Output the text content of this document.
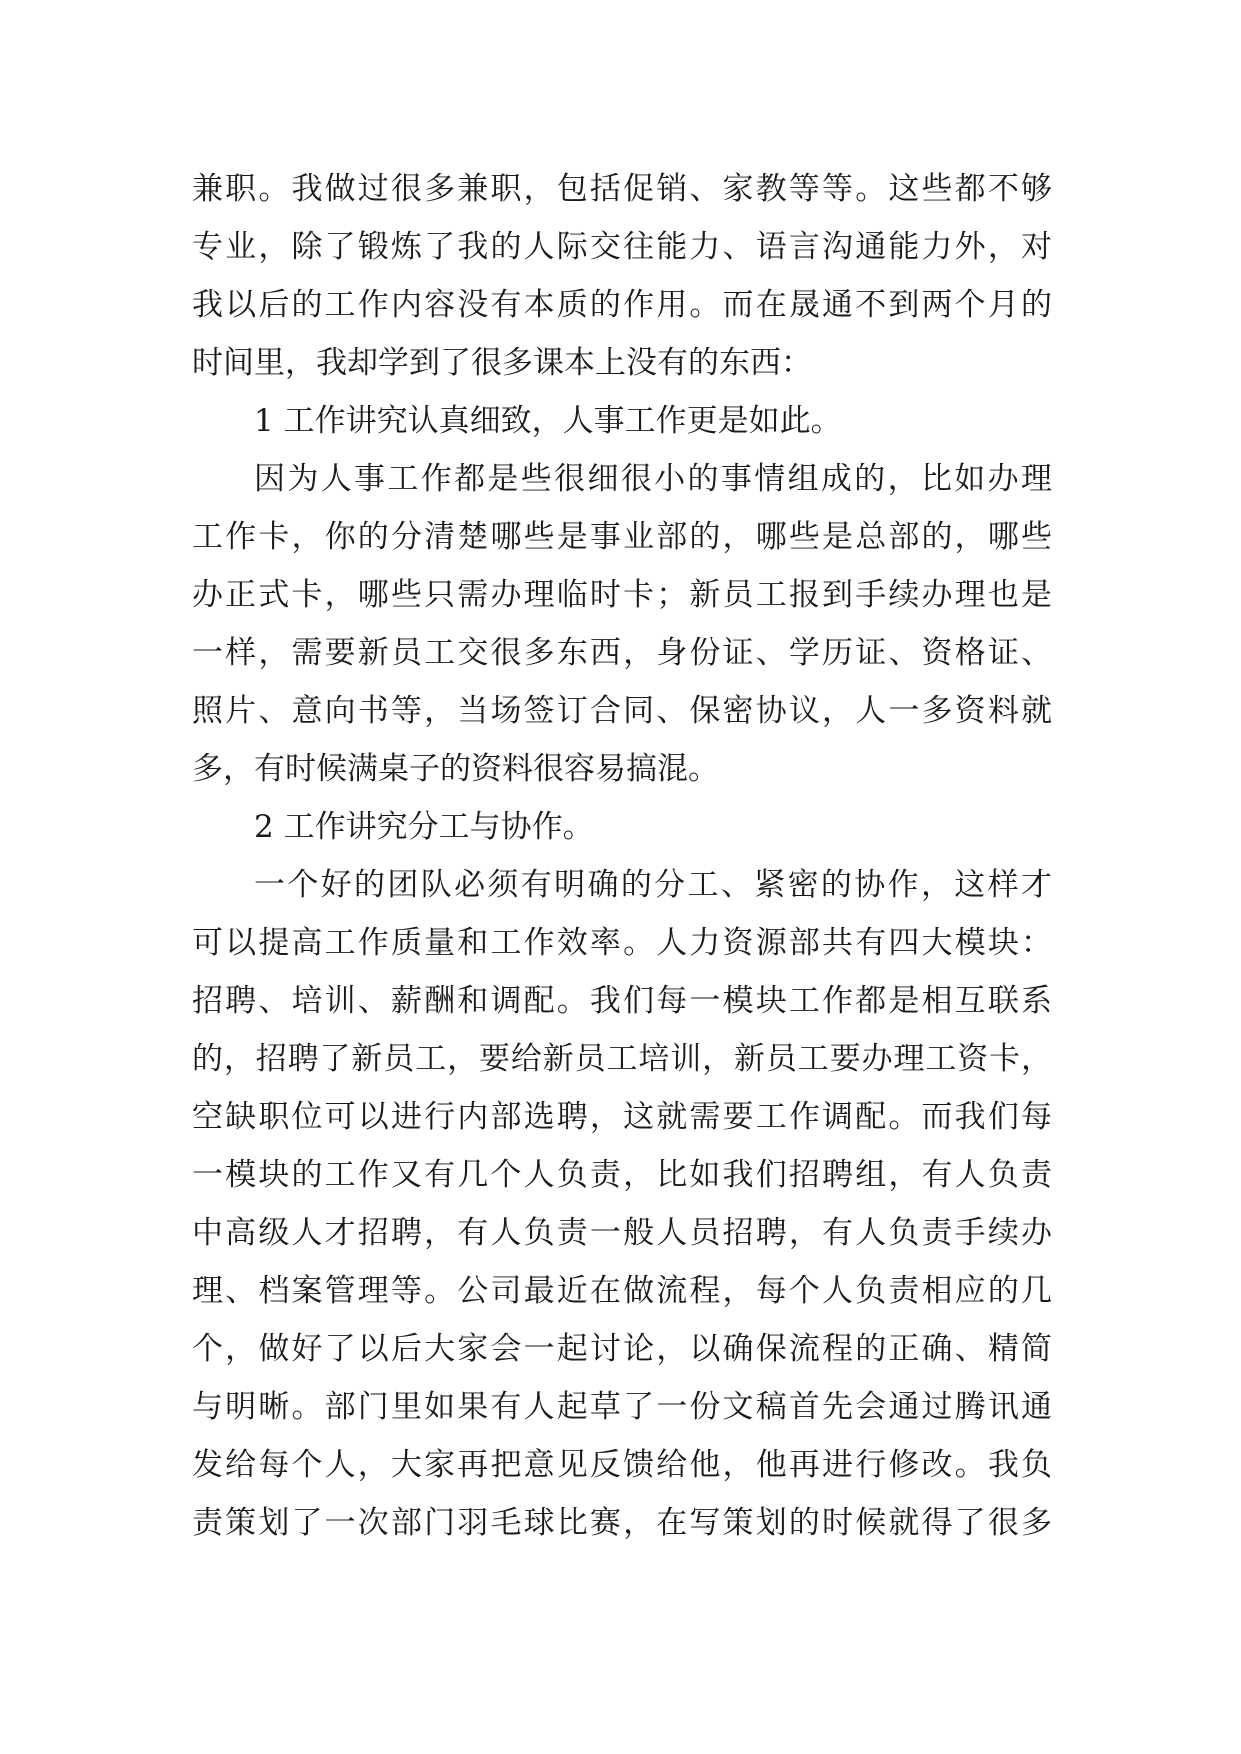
兼职。我做过很多兼职，包括促销、家教等等。这些都不够
专业，除了锻炼了我的人际交往能力、语言沟通能力外，对
我以后的工作内容没有本质的作用。而在晟通不到两个月的
时间里，我却学到了很多课本上没有的东西：
1 工作讲究认真细致，人事工作更是如此。
因为人事工作都是些很细很小的事情组成的，比如办理
工作卡，你的分清楚哪些是事业部的，哪些是总部的，哪些
办正式卡，哪些只需办理临时卡；新员工报到手续办理也是
一样，需要新员工交很多东西，身份证、学历证、资格证、
照片、意向书等，当场签订合同、保密协议，人一多资料就
多，有时候满桌子的资料很容易搞混。
2 工作讲究分工与协作。
一个好的团队必须有明确的分工、紧密的协作，这样才
可以提高工作质量和工作效率。人力资源部共有四大模块：
招聘、培训、薪酬和调配。我们每一模块工作都是相互联系
的，招聘了新员工，要给新员工培训，新员工要办理工资卡，
空缺职位可以进行内部选聘，这就需要工作调配。而我们每
一模块的工作又有几个人负责，比如我们招聘组，有人负责
中高级人才招聘，有人负责一般人员招聘，有人负责手续办
理、档案管理等。公司最近在做流程，每个人负责相应的几
个，做好了以后大家会一起讨论，以确保流程的正确、精简
与明晰。部门里如果有人起草了一份文稿首先会通过腾讯通
发给每个人，大家再把意见反馈给他，他再进行修改。我负
责策划了一次部门羽毛球比赛，在写策划的时候就得了很多
